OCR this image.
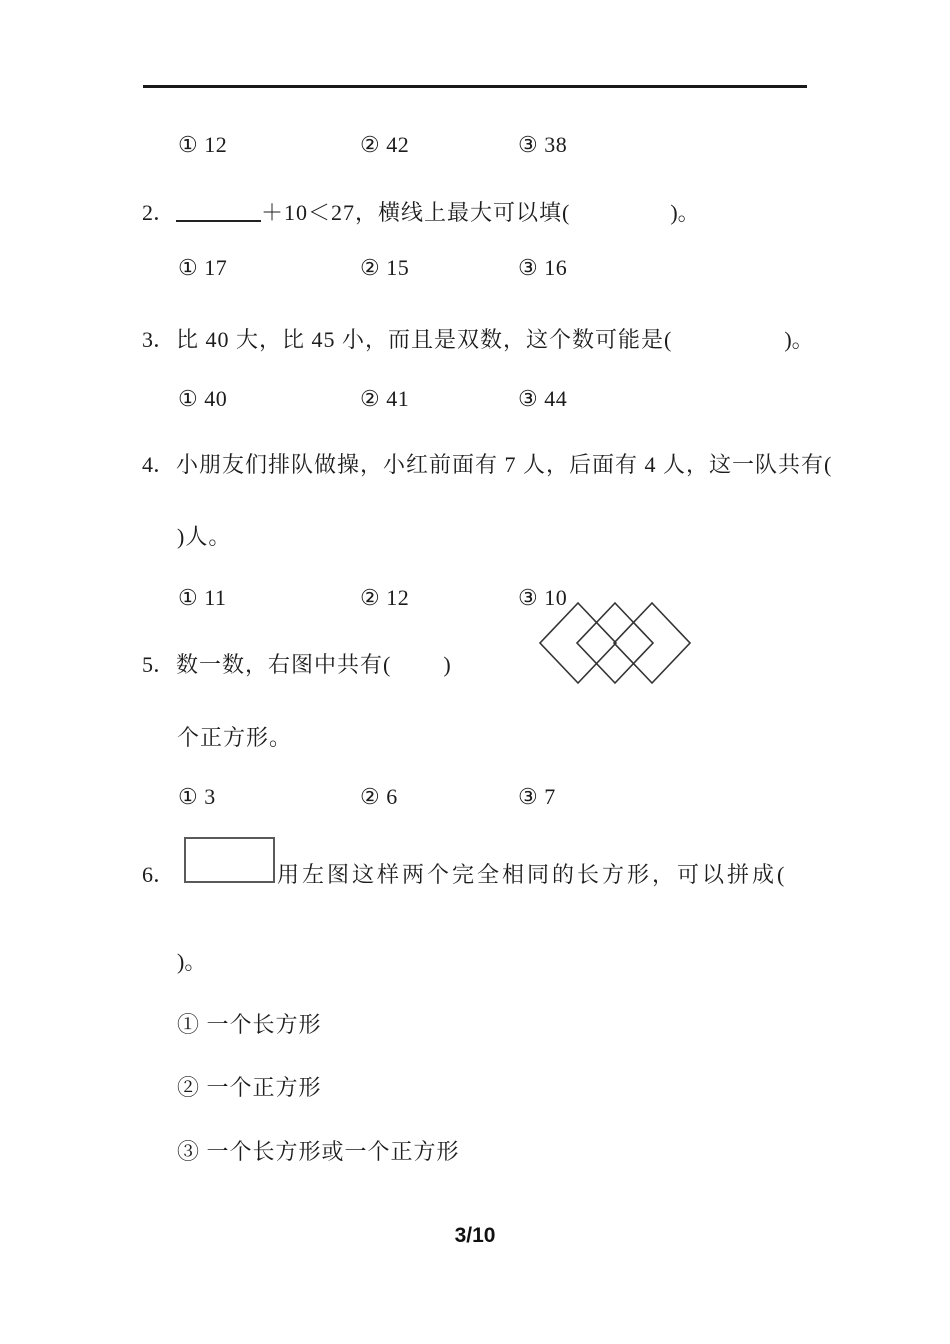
① 12	② 42	③ 38
2．	＋10＜27，横线上最大可以填(	)。
① 17	② 15	③ 16
3．比 40 大，比 45 小，而且是双数，这个数可能是(	)。
① 40	② 41	③ 44
4．小朋友们排队做操，小红前面有 7 人，后面有 4 人，这一队共有(
)人。
① 11	② 12	③ 10
5．数一数，右图中共有( )
个正方形。
① 3	② 6	③ 7
6．	用左图这样两个完全相同的长方形，可以拼成(
)。
① 一个长方形
② 一个正方形
③ 一个长方形或一个正方形
3/10
